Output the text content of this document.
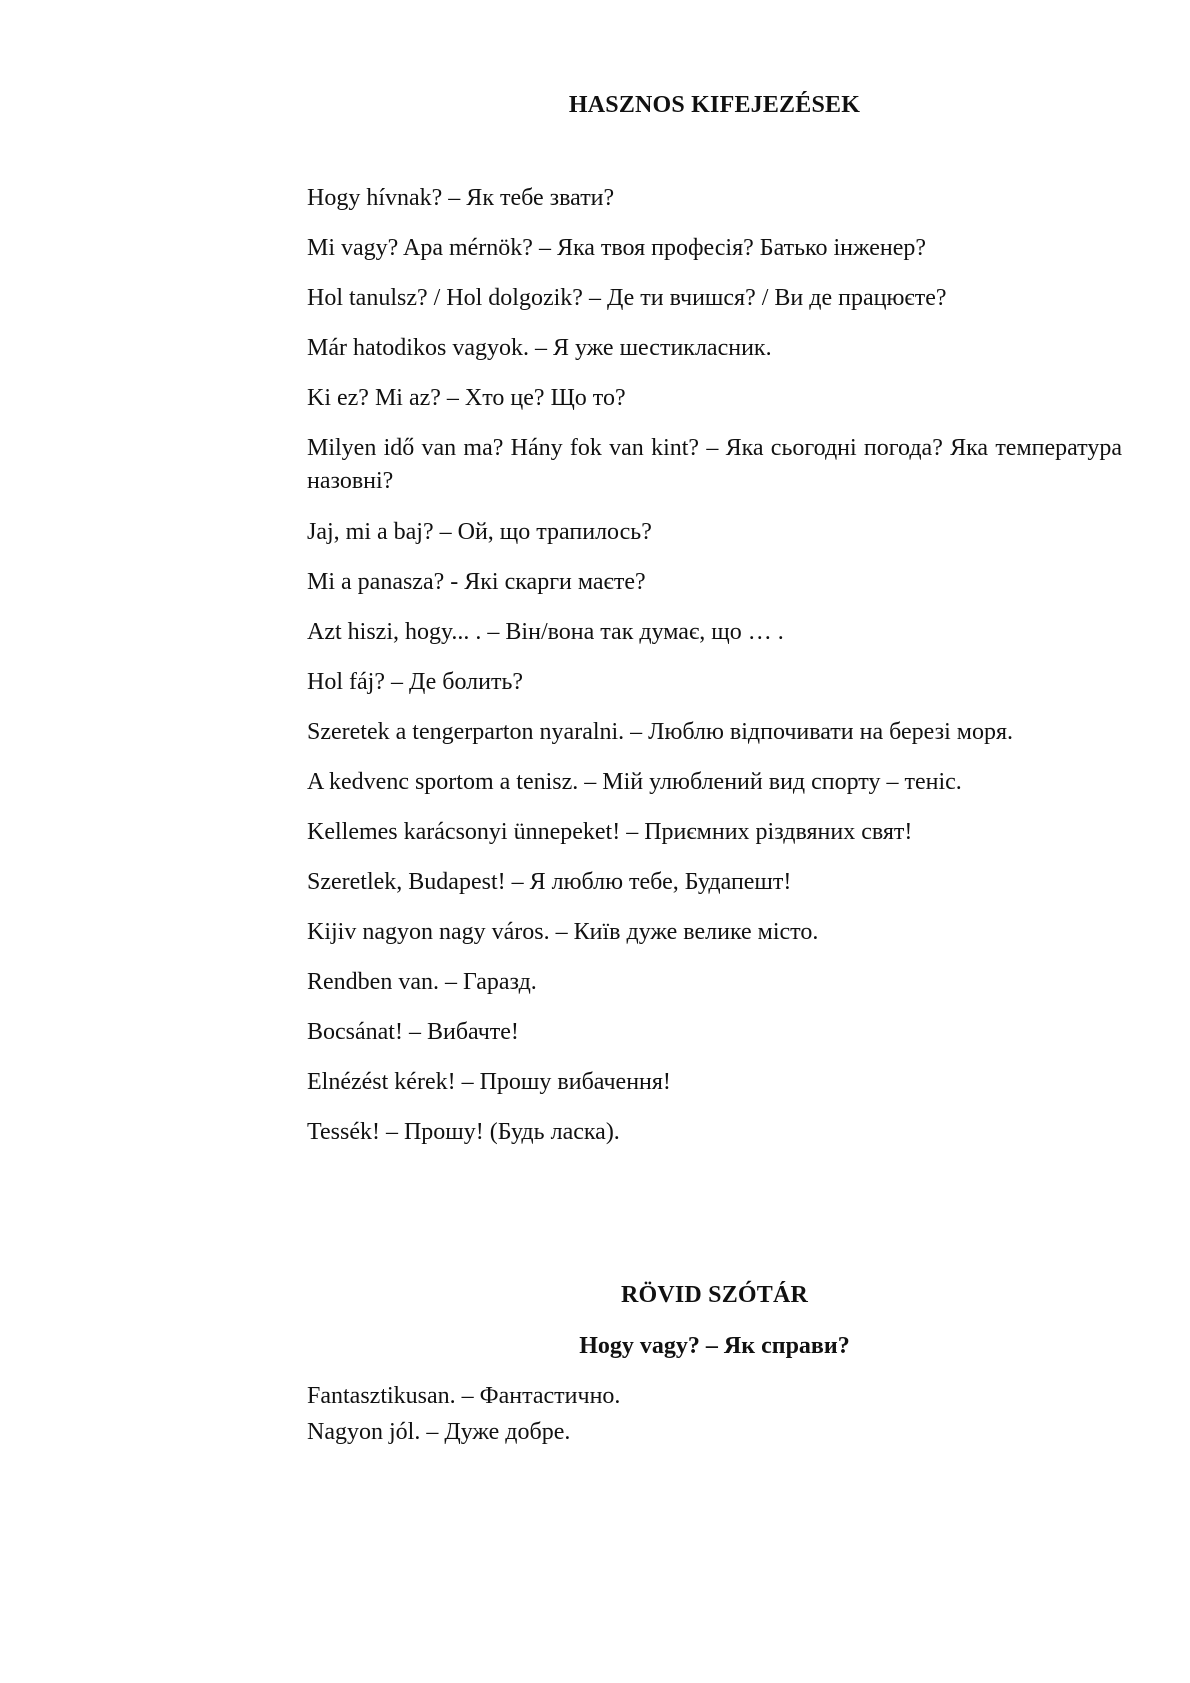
HASZNOS KIFEJEZÉSEK
Hogy hívnak? – Як тебе звати?
Mi vagy? Apa mérnök? – Яка твоя професія? Батько інженер?
Hol tanulsz? / Hol dolgozik? – Де ти вчишся? / Ви де працюєте?
Már hatodikos vagyok. – Я уже шестикласник.
Ki ez? Mi az? – Хто це? Що то?
Milyen idő van ma? Hány fok van kint? – Яка сьогодні погода? Яка температура назовні?
Jaj, mi a baj? – Ой, що трапилось?
Mi a panasza? - Які скарги маєте?
Azt hiszi, hogy... . – Він/вона так думає, що … .
Hol fáj? – Де болить?
Szeretek a tengerparton nyaralni. – Люблю відпочивати на березі моря.
A kedvenc sportom a tenisz. – Мій улюблений вид спорту – теніс.
Kellemes karácsonyi ünnepeket! – Приємних різдвяних свят!
Szeretlek, Budapest! – Я люблю тебе, Будапешт!
Kijiv nagyon nagy város. – Київ дуже велике місто.
Rendben van. – Гаразд.
Bocsánat! – Вибачте!
Elnézést kérek! – Прошу вибачення!
Tessék! – Прошу! (Будь ласка).
RÖVID SZÓTÁR
Hogy vagy? – Як справи?

Fantasztikusan. – Фантастично.

Nagyon jól. – Дуже добре.
